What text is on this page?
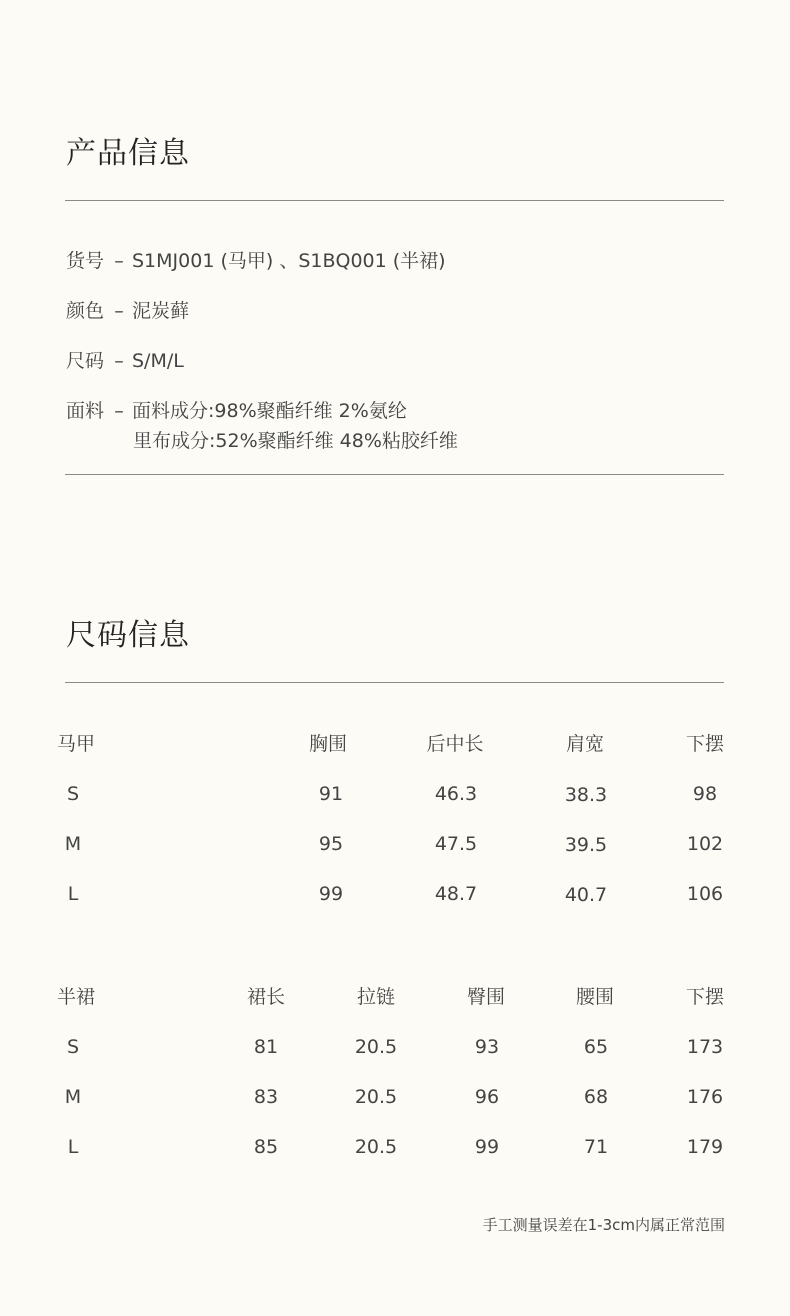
产品信息
货号 – S1MJ001 (马甲) 、S1BQ001 (半裙)
颜色 – 泥炭藓
尺码 – S/M/L
面料 – 面料成分:98%聚酯纤维 2%氨纶
里布成分:52%聚酯纤维 48%粘胶纤维
尺码信息
马甲	胸围	后中长	肩宽	下摆
S	91	46.3	38.3	98
M	95	47.5	39.5	102
L	99	48.7	40.7	106
半裙	裙长	拉链	臀围	腰围	下摆
S	81	20.5	93	65	173
M	83	20.5	96	68	176
L	85	20.5	99	71	179
手工测量误差在1-3cm内属正常范围
